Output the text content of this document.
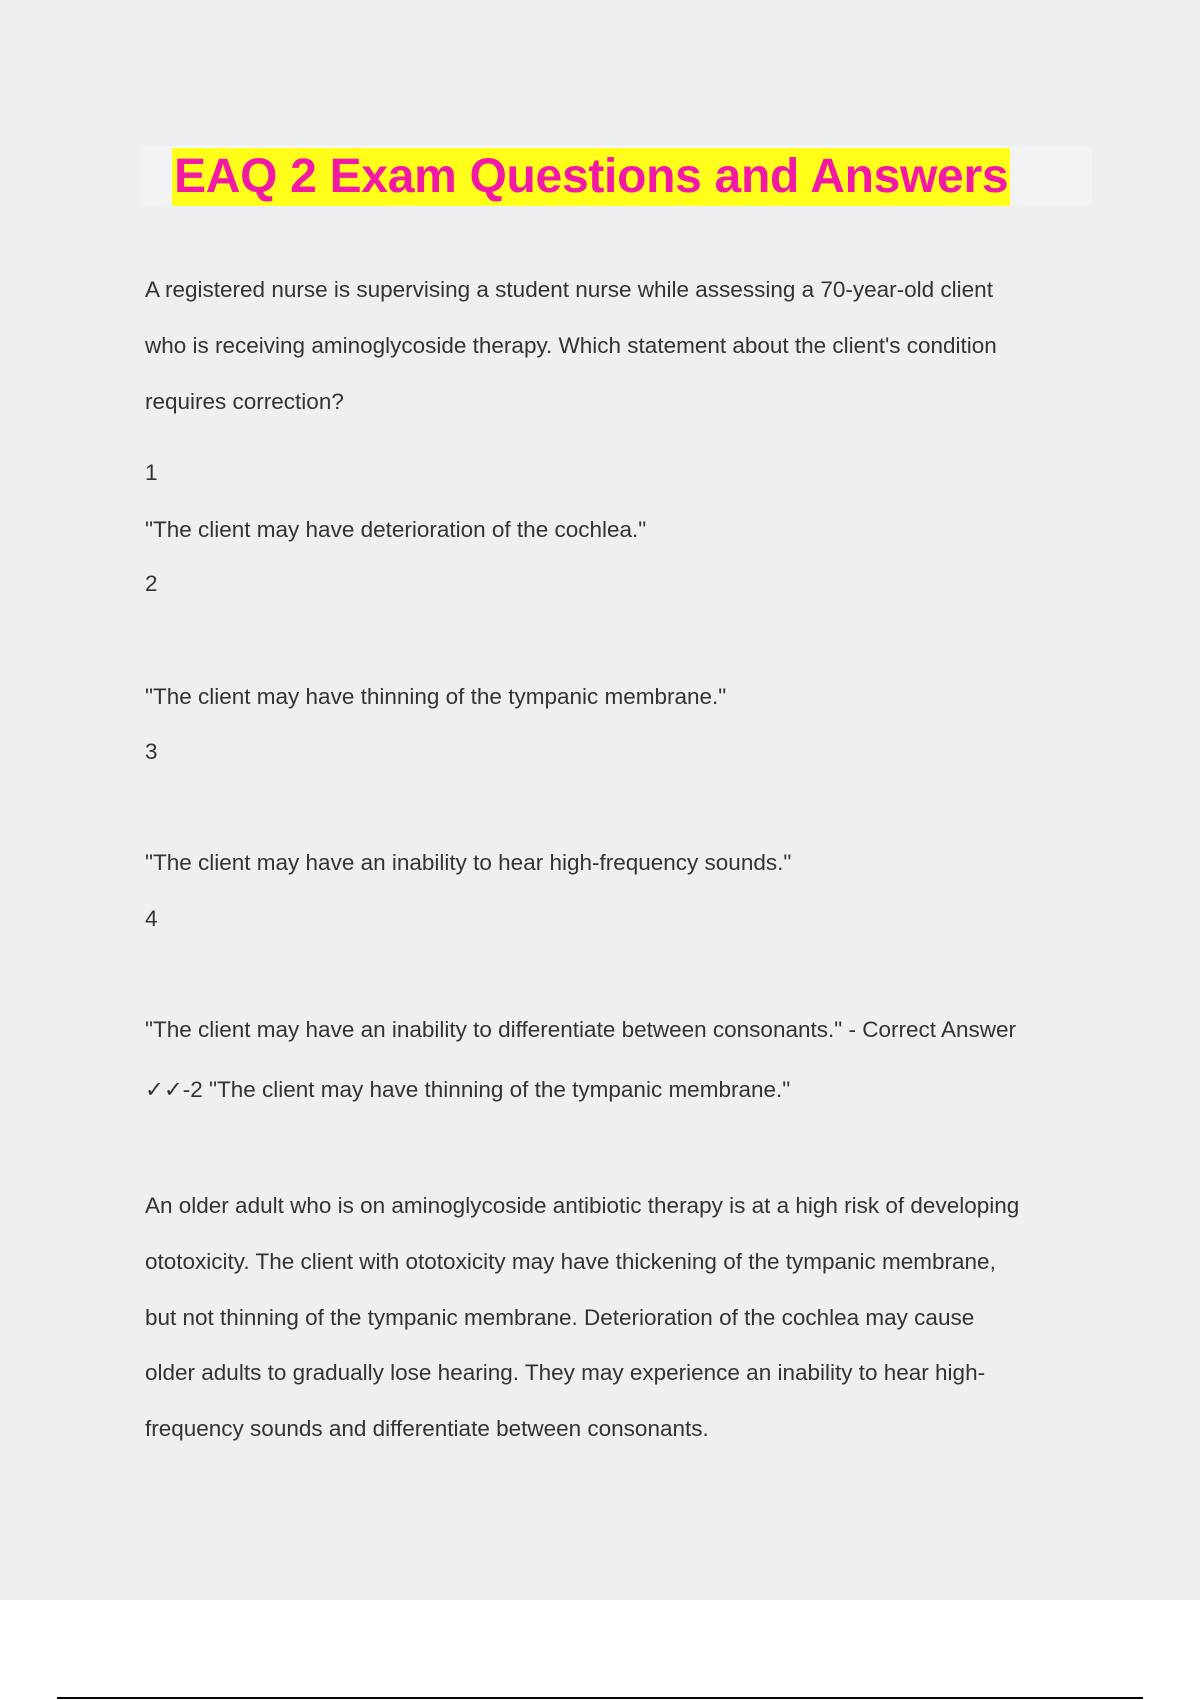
EAQ 2 Exam Questions and Answers

A registered nurse is supervising a student nurse while assessing a 70-year-old client

who is receiving aminoglycoside therapy. Which statement about the client's condition

requires correction?

1

"The client may have deterioration of the cochlea."

2

"The client may have thinning of the tympanic membrane."

3

"The client may have an inability to hear high-frequency sounds."

4

"The client may have an inability to differentiate between consonants." - Correct Answer

✓✓-2 "The client may have thinning of the tympanic membrane."

An older adult who is on aminoglycoside antibiotic therapy is at a high risk of developing

ototoxicity. The client with ototoxicity may have thickening of the tympanic membrane,

but not thinning of the tympanic membrane. Deterioration of the cochlea may cause

older adults to gradually lose hearing. They may experience an inability to hear high-

frequency sounds and differentiate between consonants.
